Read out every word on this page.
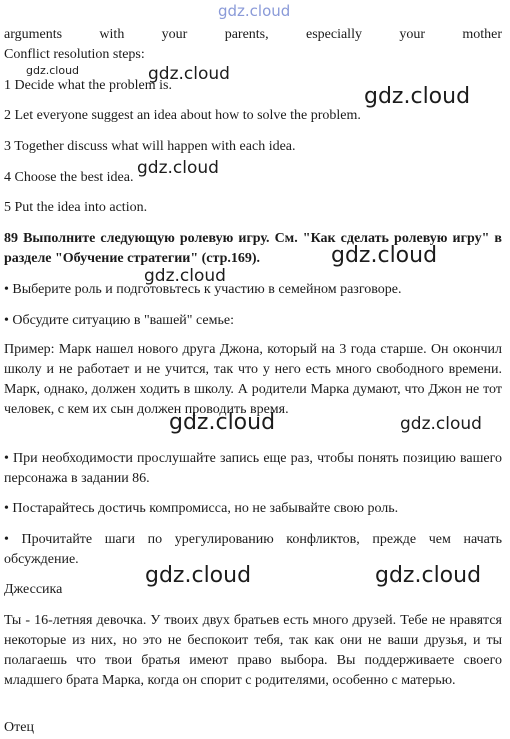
gdz.cloud
gdz.cloud	gdz.cloud
gdz.cloud
gdz.cloud
gdz.cloud
gdz.cloud
gdz.cloud	gdz.cloud
gdz.cloud	gdz.cloud
arguments with your parents, especially your mother
Conflict resolution steps:
1 Decide what the problem is.
2 Let everyone suggest an idea about how to solve the problem.
3 Together discuss what will happen with each idea.
4 Choose the best idea.
5 Put the idea into action.
89 Выполните следующую ролевую игру. См. "Как сделать ролевую игру" в разделе "Обучение стратегии" (стр.169).
• Выберите роль и подготовьтесь к участию в семейном разговоре.
• Обсудите ситуацию в "вашей" семье:
Пример: Марк нашел нового друга Джона, который на 3 года старше. Он окончил школу и не работает и не учится, так что у него есть много свободного времени. Марк, однако, должен ходить в школу. А родители Марка думают, что Джон не тот человек, с кем их сын должен проводить время.
• При необходимости прослушайте запись еще раз, чтобы понять позицию вашего персонажа в задании 86.
• Постарайтесь достичь компромисса, но не забывайте свою роль.
• Прочитайте шаги по урегулированию конфликтов, прежде чем начать обсуждение.
Джессика
Ты - 16-летняя девочка. У твоих двух братьев есть много друзей. Тебе не нравятся некоторые из них, но это не беспокоит тебя, так как они не ваши друзья, и ты полагаешь что твои братья имеют право выбора. Вы поддерживаете своего младшего брата Марка, когда он спорит с родителями, особенно с матерью.
Отец
